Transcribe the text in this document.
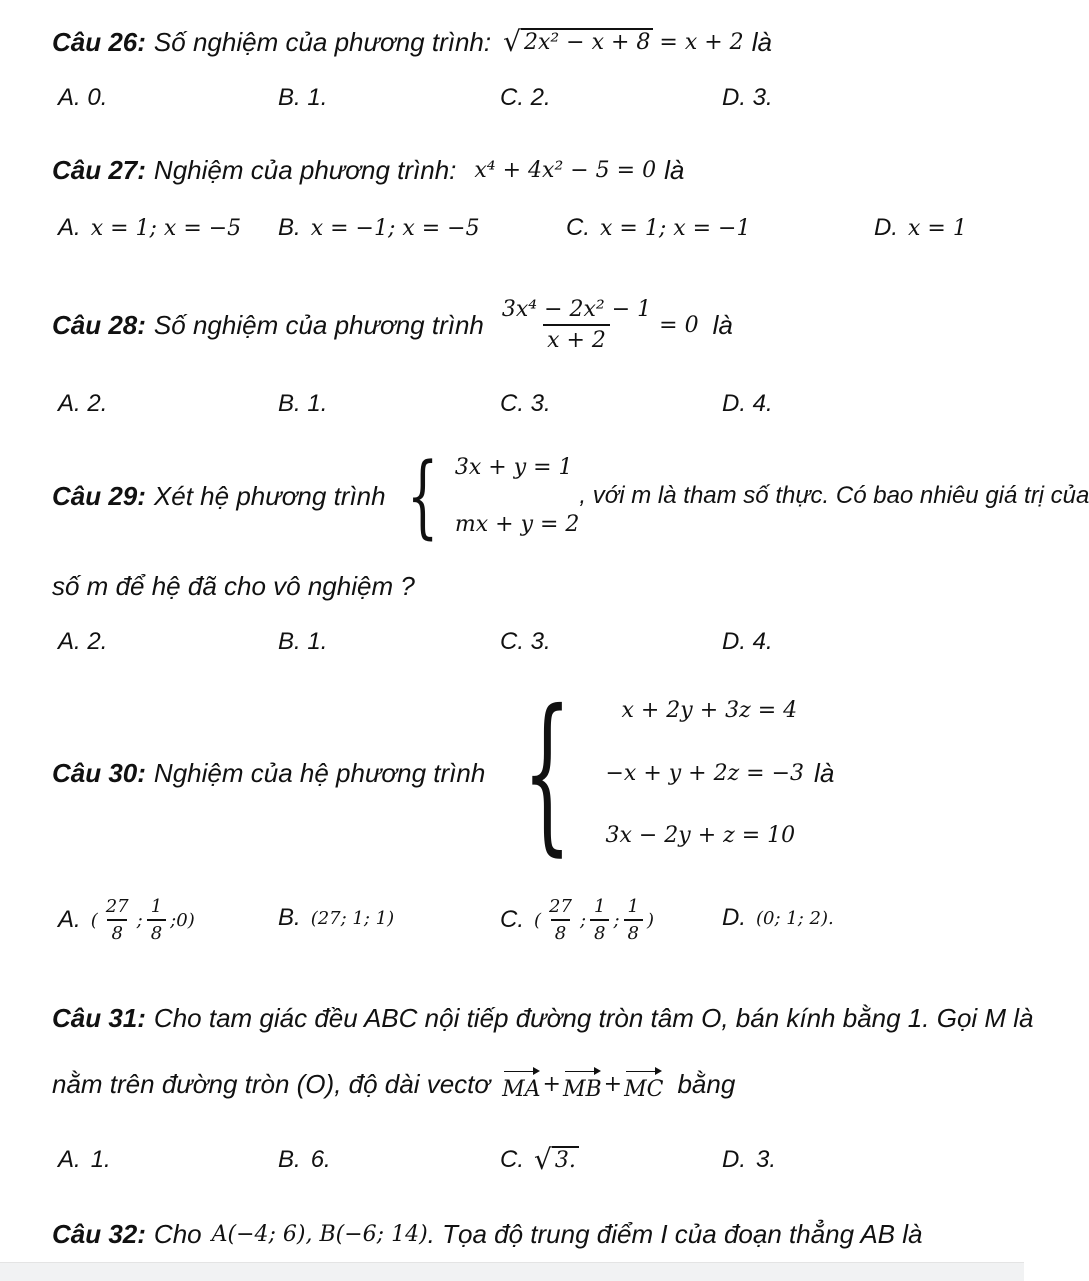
Câu 26: Số nghiệm của phương trình: √ 2x² − x + 8 = x + 2 là
A. 0.	B. 1.	C. 2.	D. 3.
Câu 27: Nghiệm của phương trình: x⁴ + 4x² − 5 = 0 là
A. x = 1; x = −5 B. x = −1; x = −5	C. x = 1; x = −1	D. x = 1
Câu 28: Số nghiệm của phương trình $\frac{\text{3x⁴ − 2x² − 1}}{x + 2} = 0$ là
A. 2.	B. 1.	C. 3.	D. 4.
Câu 29: Xét hệ phương trình { 3x + y = 1
mx + y = 2
, với m là tham số thực. Có bao nhiêu giá trị của
số m để hệ đã cho vô nghiệm ?
A. 2.	B. 1.	C. 3.	D. 4.
Câu 30: Nghiệm của hệ phương trình {	x + 2y + 3z = 4
−x + y + 2z = −3
3x − 2y + z = 10
là
A. ( $\frac{27}{8}$ ; $\frac{1}{8}$ ; 0 )	B. (27; 1; 1)	C. ( $\frac{27}{8}$ ; $\frac{1}{8}$ ; $\frac{1}{8}$ )	D. (0; 1; 2).
Câu 31: Cho tam giác đều ABC nội tiếp đường tròn tâm O, bán kính bằng 1. Gọi M là
nằm trên đường tròn (O), độ dài vectơ MA + MB + MC bằng
A. 1.	B. 6.	C. √ 3.	D. 3.
Câu 32: Cho A(−4; 6), B(−6; 14) . Tọa độ trung điểm I của đoạn thẳng AB là
